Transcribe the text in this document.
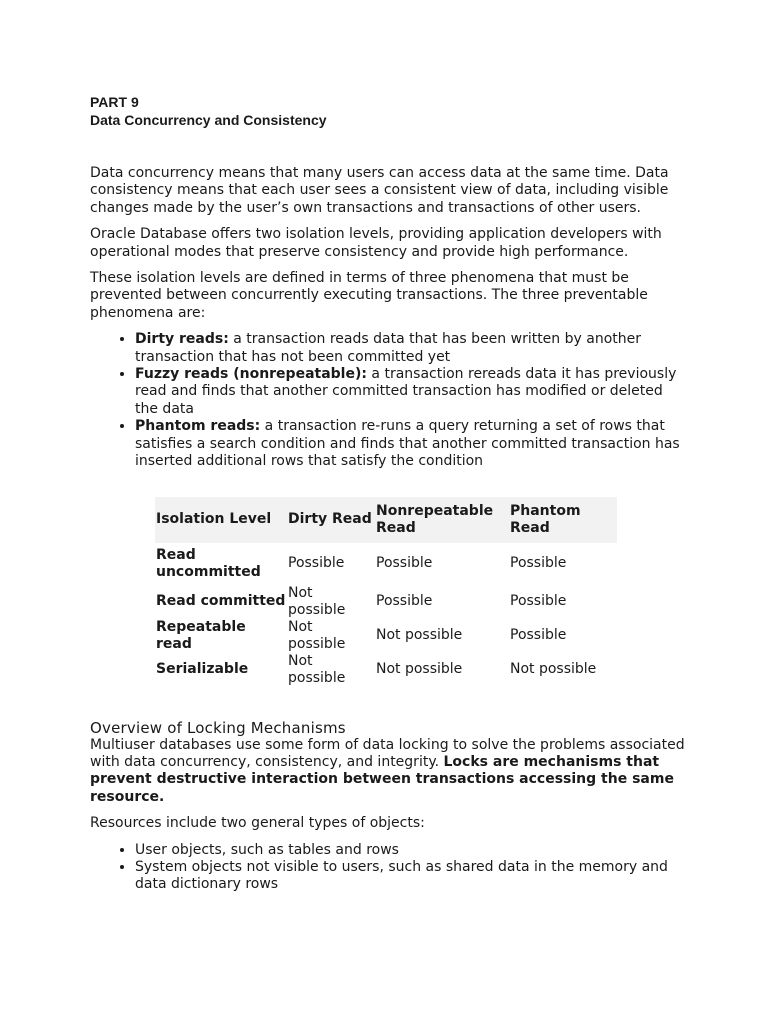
PART 9
Data Concurrency and Consistency

Data concurrency means that many users can access data at the same time. Data consistency means that each user sees a consistent view of data, including visible changes made by the user’s own transactions and transactions of other users.

Oracle Database offers two isolation levels, providing application developers with operational modes that preserve consistency and provide high performance.

These isolation levels are defined in terms of three phenomena that must be prevented between concurrently executing transactions. The three preventable phenomena are:

• Dirty reads: a transaction reads data that has been written by another transaction that has not been committed yet
• Fuzzy reads (nonrepeatable): a transaction rereads data it has previously read and finds that another committed transaction has modified or deleted the data
• Phantom reads: a transaction re-runs a query returning a set of rows that satisfies a search condition and finds that another committed transaction has inserted additional rows that satisfy the condition
Isolation Level	Dirty Read	Nonrepeatable Read	Phantom Read
Read uncommitted	Possible	Possible	Possible
Read committed	Not possible	Possible	Possible
Repeatable read	Not possible	Not possible	Possible
Serializable	Not possible	Not possible	Not possible
Overview of Locking Mechanisms

Multiuser databases use some form of data locking to solve the problems associated with data concurrency, consistency, and integrity. Locks are mechanisms that prevent destructive interaction between transactions accessing the same resource.

Resources include two general types of objects:

• User objects, such as tables and rows
• System objects not visible to users, such as shared data in the memory and data dictionary rows
